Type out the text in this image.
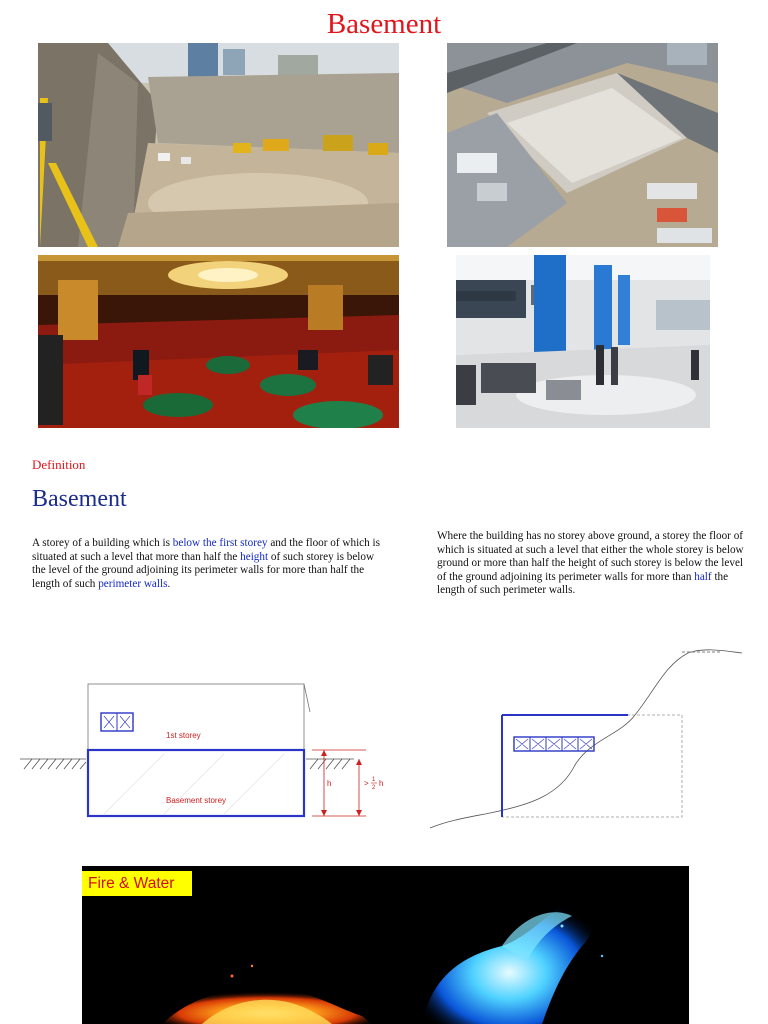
Basement
Definition
Basement
A storey of a building which is below the first storey and the floor of which is situated at such a level that more than half the height of such storey is below the level of the ground adjoining its perimeter walls for more than half the length of such perimeter walls.
Where the building has no storey above ground, a storey the floor of which is situated at such a level that either the whole storey is below ground or more than half the height of such storey is below the level of the ground adjoining its perimeter walls for more than half the length of such perimeter walls.
1st storey
Basement storey
h	> 1
2 h
Fire & Water
